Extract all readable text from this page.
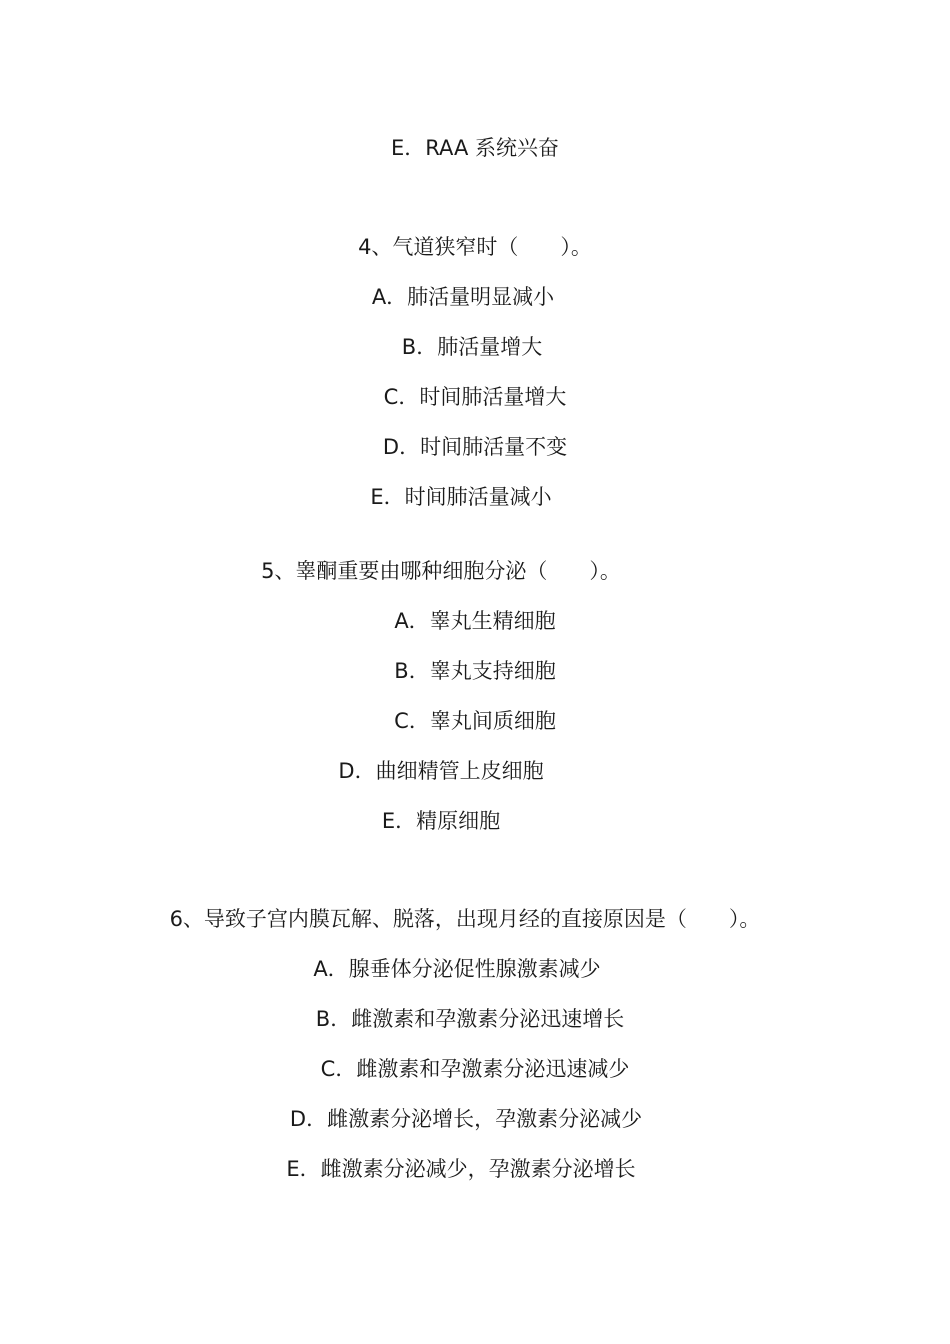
E．RAA 系统兴奋
4、气道狭窄时（　　）。
A．肺活量明显减小
B．肺活量增大
C．时间肺活量增大
D．时间肺活量不变
E．时间肺活量减小
5、睾酮重要由哪种细胞分泌（　　）。
A．睾丸生精细胞
B．睾丸支持细胞
C．睾丸间质细胞
D．曲细精管上皮细胞
E．精原细胞
6、导致子宫内膜瓦解、脱落，出现月经的直接原因是（　　）。
A．腺垂体分泌促性腺激素减少
B．雌激素和孕激素分泌迅速增长
C．雌激素和孕激素分泌迅速减少
D．雌激素分泌增长，孕激素分泌减少
E．雌激素分泌减少，孕激素分泌增长
